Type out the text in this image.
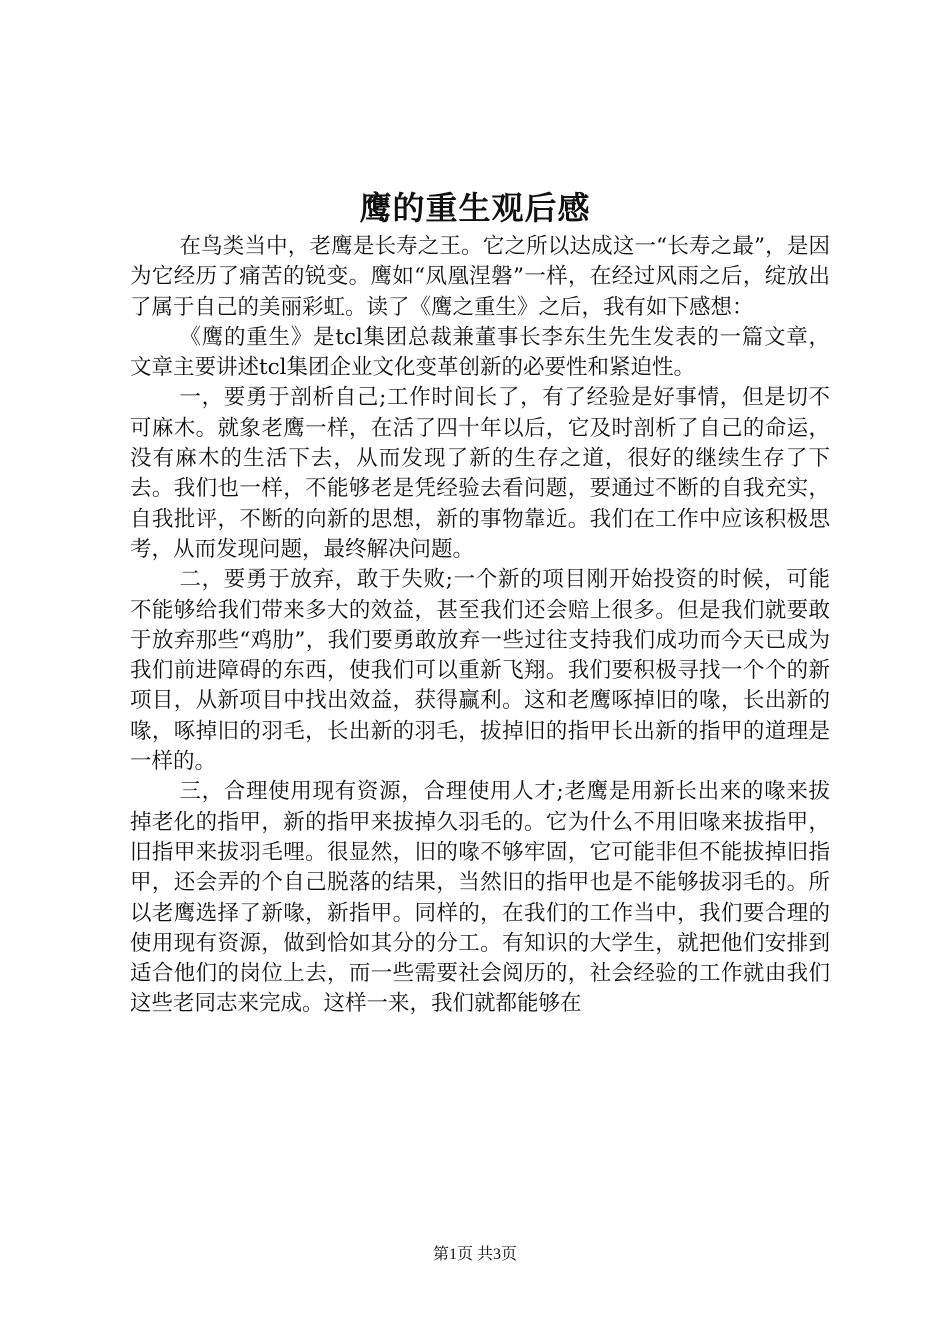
鹰的重生观后感

在鸟类当中，老鹰是长寿之王。它之所以达成这一“长寿之最”，是因为它经历了痛苦的锐变。鹰如“凤凰涅磐”一样，在经过风雨之后，绽放出了属于自己的美丽彩虹。读了《鹰之重生》之后，我有如下感想：

《鹰的重生》是tcl集团总裁兼董事长李东生先生发表的一篇文章，文章主要讲述tcl集团企业文化变革创新的必要性和紧迫性。

一，要勇于剖析自己;工作时间长了，有了经验是好事情，但是切不可麻木。就象老鹰一样，在活了四十年以后，它及时剖析了自己的命运，没有麻木的生活下去，从而发现了新的生存之道，很好的继续生存了下去。我们也一样，不能够老是凭经验去看问题，要通过不断的自我充实，自我批评，不断的向新的思想，新的事物靠近。我们在工作中应该积极思考，从而发现问题，最终解决问题。

二，要勇于放弃，敢于失败;一个新的项目刚开始投资的时候，可能不能够给我们带来多大的效益，甚至我们还会赔上很多。但是我们就要敢于放弃那些“鸡肋”，我们要勇敢放弃一些过往支持我们成功而今天已成为我们前进障碍的东西，使我们可以重新飞翔。我们要积极寻找一个个的新项目，从新项目中找出效益，获得赢利。这和老鹰啄掉旧的喙，长出新的喙，啄掉旧的羽毛，长出新的羽毛，拔掉旧的指甲长出新的指甲的道理是一样的。

三，合理使用现有资源，合理使用人才;老鹰是用新长出来的喙来拔掉老化的指甲，新的指甲来拔掉久羽毛的。它为什么不用旧喙来拔指甲，旧指甲来拔羽毛哩。很显然，旧的喙不够牢固，它可能非但不能拔掉旧指甲，还会弄的个自己脱落的结果，当然旧的指甲也是不能够拔羽毛的。所以老鹰选择了新喙，新指甲。同样的，在我们的工作当中，我们要合理的使用现有资源，做到恰如其分的分工。有知识的大学生，就把他们安排到适合他们的岗位上去，而一些需要社会阅历的，社会经验的工作就由我们这些老同志来完成。这样一来，我们就都能够在

第1页 共3页
